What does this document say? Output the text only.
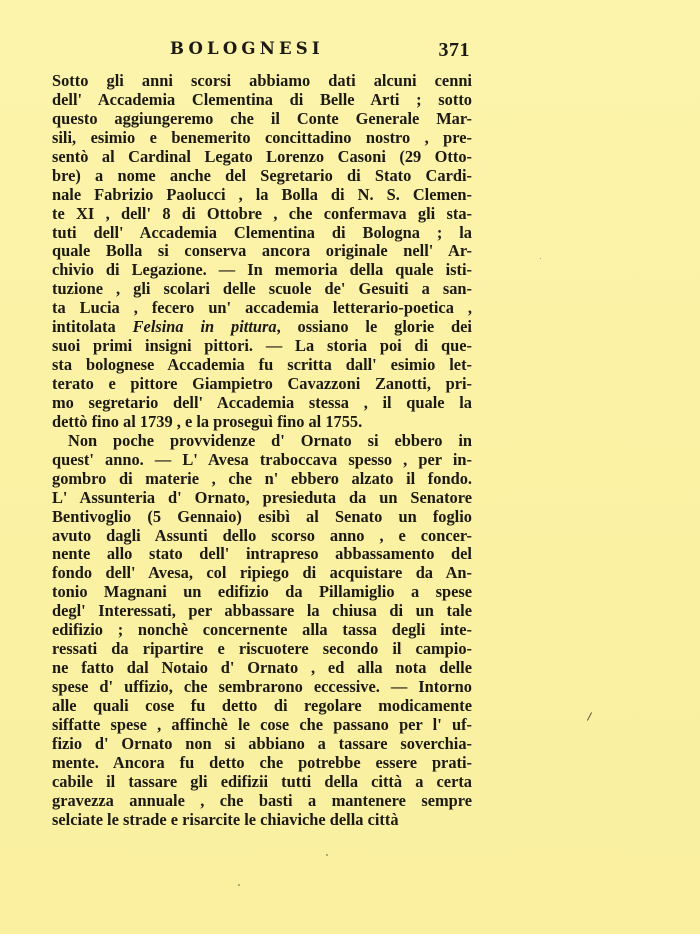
BOLOGNESI	371
Sotto gli anni scorsi abbiamo dati alcuni cenni
dell' Accademia Clementina di Belle Arti ; sotto
questo aggiungeremo che il Conte Generale Mar-
sili, esimio e benemerito concittadino nostro , pre-
sentò al Cardinal Legato Lorenzo Casoni (29 Otto-
bre) a nome anche del Segretario di Stato Cardi-
nale Fabrizio Paolucci , la Bolla di N. S. Clemen-
te XI , dell' 8 di Ottobre , che confermava gli sta-
tuti dell' Accademia Clementina di Bologna ; la
quale Bolla si conserva ancora originale nell' Ar-
chivio di Legazione. — In memoria della quale isti-
tuzione , gli scolari delle scuole de' Gesuiti a san-
ta Lucia , fecero un' accademia letterario-poetica ,
intitolata Felsina in pittura, ossiano le glorie dei
suoi primi insigni pittori. — La storia poi di que-
sta bolognese Accademia fu scritta dall' esimio let-
terato e pittore Giampietro Cavazzoni Zanotti, pri-
mo segretario dell' Accademia stessa , il quale la
dettò fino al 1739 , e la proseguì fino al 1755.
Non poche provvidenze d' Ornato si ebbero in
quest' anno. — L' Avesa traboccava spesso , per in-
gombro di materie , che n' ebbero alzato il fondo.
L' Assunteria d' Ornato, presieduta da un Senatore
Bentivoglio (5 Gennaio) esibì al Senato un foglio
avuto dagli Assunti dello scorso anno , e concer-
nente allo stato dell' intrapreso abbassamento del
fondo dell' Avesa, col ripiego di acquistare da An-
tonio Magnani un edifizio da Pillamiglio a spese
degl' Interessati, per abbassare la chiusa di un tale
edifizio ; nonchè concernente alla tassa degli inte-
ressati da ripartire e riscuotere secondo il campio-
ne fatto dal Notaio d' Ornato , ed alla nota delle
spese d' uffizio, che sembrarono eccessive. — Intorno
alle quali cose fu detto di regolare modicamente
siffatte spese , affinchè le cose che passano per l' uf-
fizio d' Ornato non si abbiano a tassare soverchia-
mente. Ancora fu detto che potrebbe essere prati-
cabile il tassare gli edifizii tutti della città a certa
gravezza annuale , che basti a mantenere sempre
selciate le strade e risarcite le chiaviche della città
